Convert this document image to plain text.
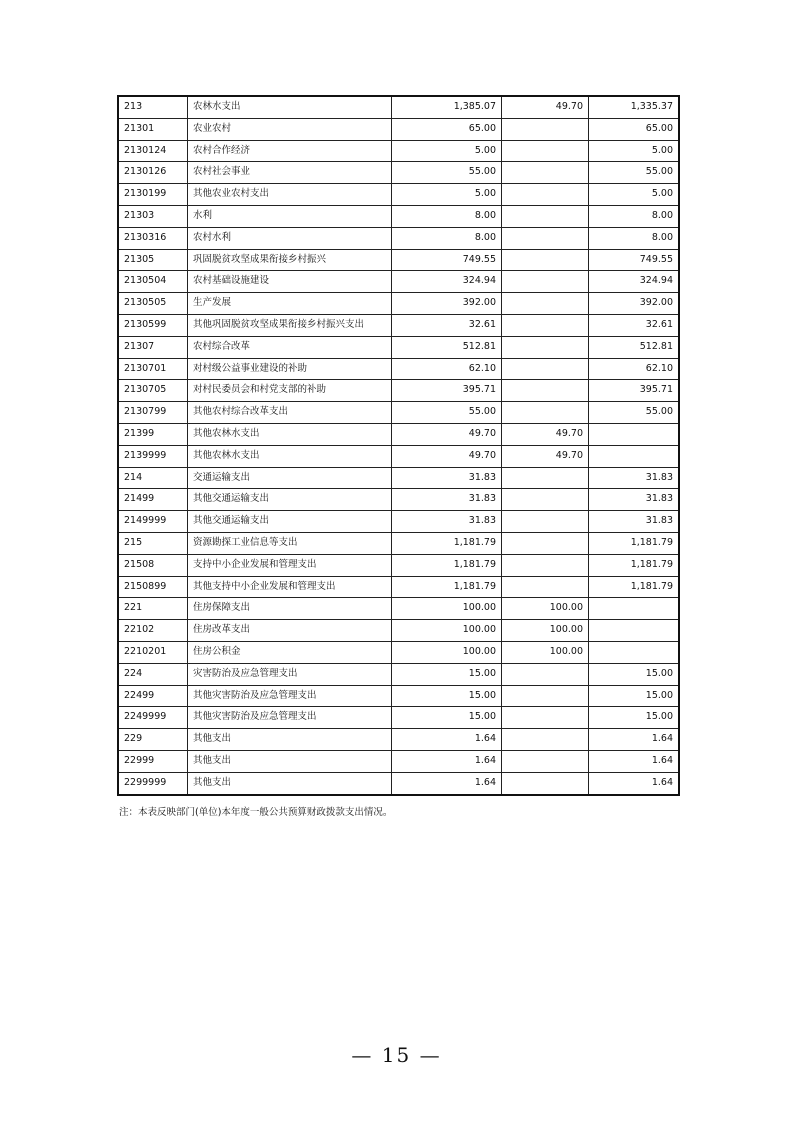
213	农林水支出	1,385.07	49.70	1,335.37
21301	农业农村	65.00		65.00
2130124	农村合作经济	5.00		5.00
2130126	农村社会事业	55.00		55.00
2130199	其他农业农村支出	5.00		5.00
21303	水利	8.00		8.00
2130316	农村水利	8.00		8.00
21305	巩固脱贫攻坚成果衔接乡村振兴	749.55		749.55
2130504	农村基础设施建设	324.94		324.94
2130505	生产发展	392.00		392.00
2130599	其他巩固脱贫攻坚成果衔接乡村振兴支出	32.61		32.61
21307	农村综合改革	512.81		512.81
2130701	对村级公益事业建设的补助	62.10		62.10
2130705	对村民委员会和村党支部的补助	395.71		395.71
2130799	其他农村综合改革支出	55.00		55.00
21399	其他农林水支出	49.70	49.70	
2139999	其他农林水支出	49.70	49.70	
214	交通运输支出	31.83		31.83
21499	其他交通运输支出	31.83		31.83
2149999	其他交通运输支出	31.83		31.83
215	资源勘探工业信息等支出	1,181.79		1,181.79
21508	支持中小企业发展和管理支出	1,181.79		1,181.79
2150899	其他支持中小企业发展和管理支出	1,181.79		1,181.79
221	住房保障支出	100.00	100.00	
22102	住房改革支出	100.00	100.00	
2210201	住房公积金	100.00	100.00	
224	灾害防治及应急管理支出	15.00		15.00
22499	其他灾害防治及应急管理支出	15.00		15.00
2249999	其他灾害防治及应急管理支出	15.00		15.00
229	其他支出	1.64		1.64
22999	其他支出	1.64		1.64
2299999	其他支出	1.64		1.64
注：本表反映部门(单位)本年度一般公共预算财政拨款支出情况。
— 15 —
